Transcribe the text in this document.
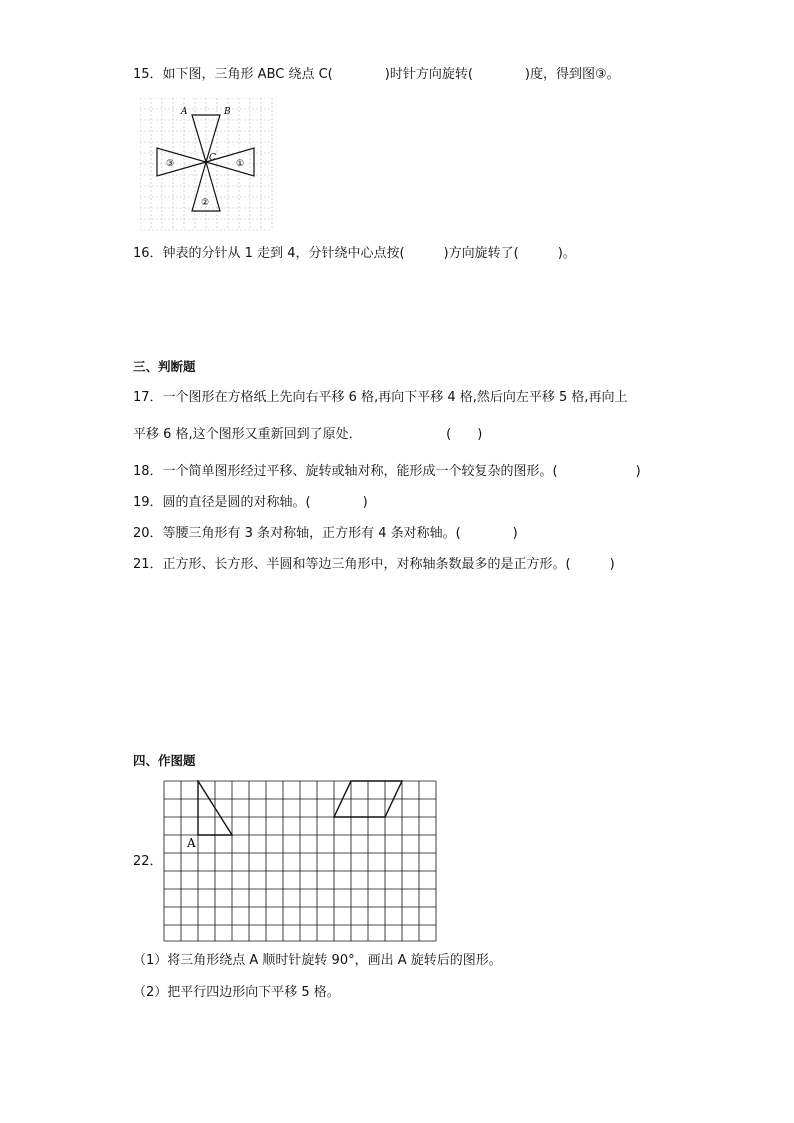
15．如下图，三角形 ABC 绕点 C(　　　　)时针方向旋转(　　　　)度，得到图③。
A	B
C
①
②
③
16．钟表的分针从 1 走到 4，分针绕中心点按(　　　)方向旋转了(　　　)。
三、判断题
17．一个图形在方格纸上先向右平移 6 格,再向下平移 4 格,然后向左平移 5 格,再向上
平移 6 格,这个图形又重新回到了原处．　　　　　　　(　　)
18．一个简单图形经过平移、旋转或轴对称，能形成一个较复杂的图形。(　　　　　　)
19．圆的直径是圆的对称轴。(　　　　)
20．等腰三角形有 3 条对称轴，正方形有 4 条对称轴。(　　　　)
21．正方形、长方形、半圆和等边三角形中，对称轴条数最多的是正方形。(　　　)
四、作图题
22．
A
（1）将三角形绕点 A 顺时针旋转 90°，画出 A 旋转后的图形。
（2）把平行四边形向下平移 5 格。
